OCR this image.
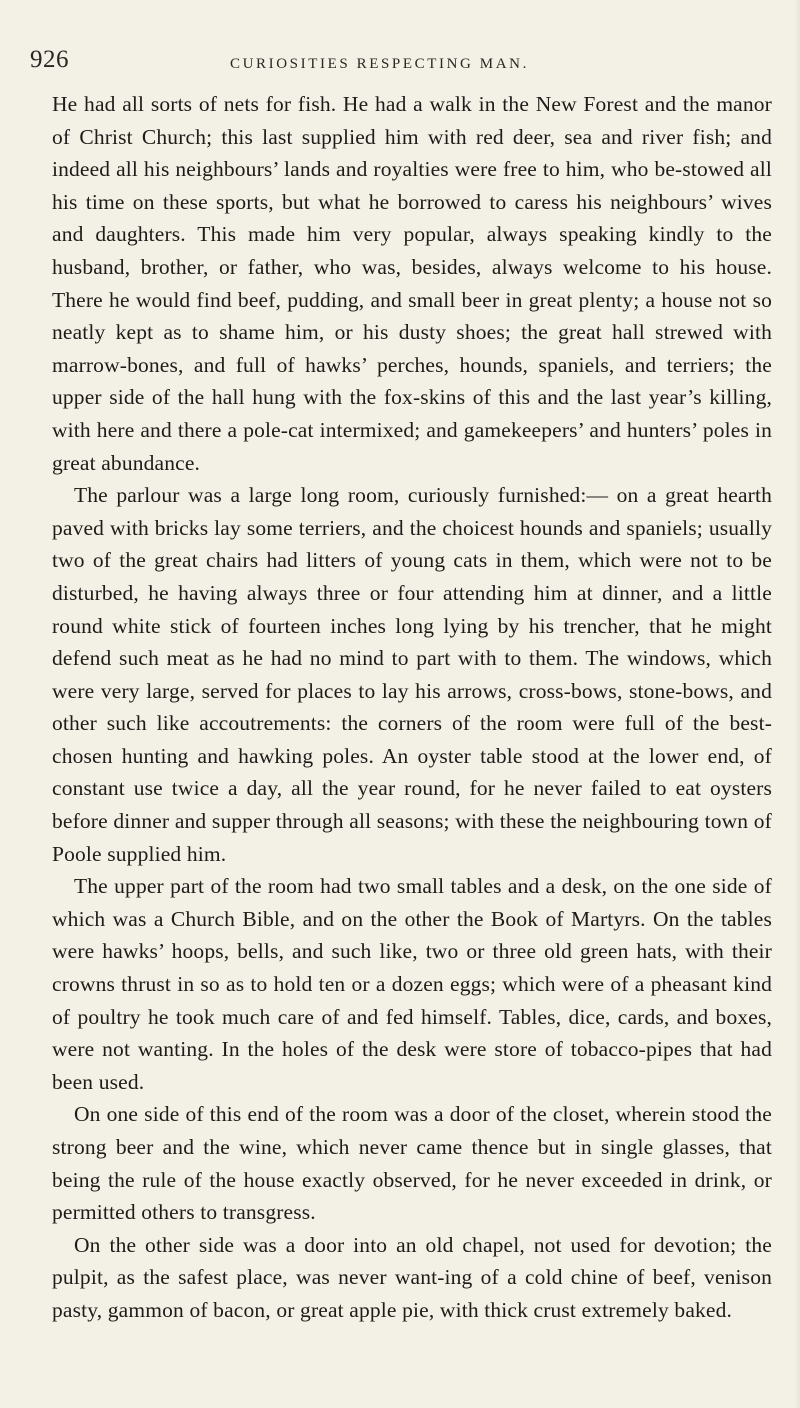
926	CURIOSITIES RESPECTING MAN.

He had all sorts of nets for fish. He had a walk in the New Forest and the manor of Christ Church; this last supplied him with red deer, sea and river fish; and indeed all his neighbours’ lands and royalties were free to him, who be-stowed all his time on these sports, but what he borrowed to caress his neighbours’ wives and daughters. This made him very popular, always speaking kindly to the husband, brother, or father, who was, besides, always welcome to his house. There he would find beef, pudding, and small beer in great plenty; a house not so neatly kept as to shame him, or his dusty shoes; the great hall strewed with marrow-bones, and full of hawks’ perches, hounds, spaniels, and terriers; the upper side of the hall hung with the fox-skins of this and the last year’s killing, with here and there a pole-cat intermixed; and gamekeepers’ and hunters’ poles in great abundance.

The parlour was a large long room, curiously furnished:— on a great hearth paved with bricks lay some terriers, and the choicest hounds and spaniels; usually two of the great chairs had litters of young cats in them, which were not to be disturbed, he having always three or four attending him at dinner, and a little round white stick of fourteen inches long lying by his trencher, that he might defend such meat as he had no mind to part with to them. The windows, which were very large, served for places to lay his arrows, cross-bows, stone-bows, and other such like accoutrements: the corners of the room were full of the best-chosen hunting and hawking poles. An oyster table stood at the lower end, of constant use twice a day, all the year round, for he never failed to eat oysters before dinner and supper through all seasons; with these the neighbouring town of Poole supplied him.

The upper part of the room had two small tables and a desk, on the one side of which was a Church Bible, and on the other the Book of Martyrs. On the tables were hawks’ hoops, bells, and such like, two or three old green hats, with their crowns thrust in so as to hold ten or a dozen eggs; which were of a pheasant kind of poultry he took much care of and fed himself. Tables, dice, cards, and boxes, were not wanting. In the holes of the desk were store of tobacco-pipes that had been used.

On one side of this end of the room was a door of the closet, wherein stood the strong beer and the wine, which never came thence but in single glasses, that being the rule of the house exactly observed, for he never exceeded in drink, or permitted others to transgress.

On the other side was a door into an old chapel, not used for devotion; the pulpit, as the safest place, was never want-ing of a cold chine of beef, venison pasty, gammon of bacon, or great apple pie, with thick crust extremely baked.
